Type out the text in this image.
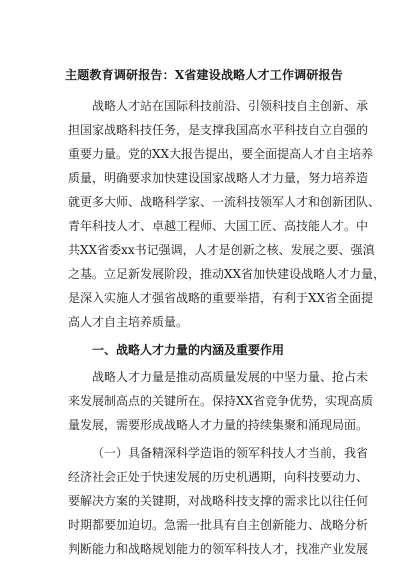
主题教育调研报告：X省建设战略人才工作调研报告
战略人才站在国际科技前沿、引领科技自主创新、承
担国家战略科技任务，是支撑我国高水平科技自立自强的
重要力量。党的XX大报告提出，要全面提高人才自主培养
质量，明确要求加快建设国家战略人才力量，努力培养造
就更多大师、战略科学家、一流科技领军人才和创新团队、
青年科技人才、卓越工程师、大国工匠、高技能人才。中
共XX省委xx书记强调，人才是创新之核、发展之要、强滇
之基。立足新发展阶段，推动XX省加快建设战略人才力量，
是深入实施人才强省战略的重要举措，有利于XX省全面提
高人才自主培养质量。
一、战略人才力量的内涵及重要作用
战略人才力量是推动高质量发展的中坚力量、抢占未
来发展制高点的关键所在。保持XX省竞争优势，实现高质
量发展，需要形成战略人才力量的持续集聚和涌现局面。
（一）具备精深科学造诣的领军科技人才当前，我省
经济社会正处于快速发展的历史机遇期，向科技要动力、
要解决方案的关键期，对战略科技支撑的需求比以往任何
时期都要加迫切。急需一批具有自主创新能力、战略分析
判断能力和战略规划能力的领军科技人才，找准产业发展
